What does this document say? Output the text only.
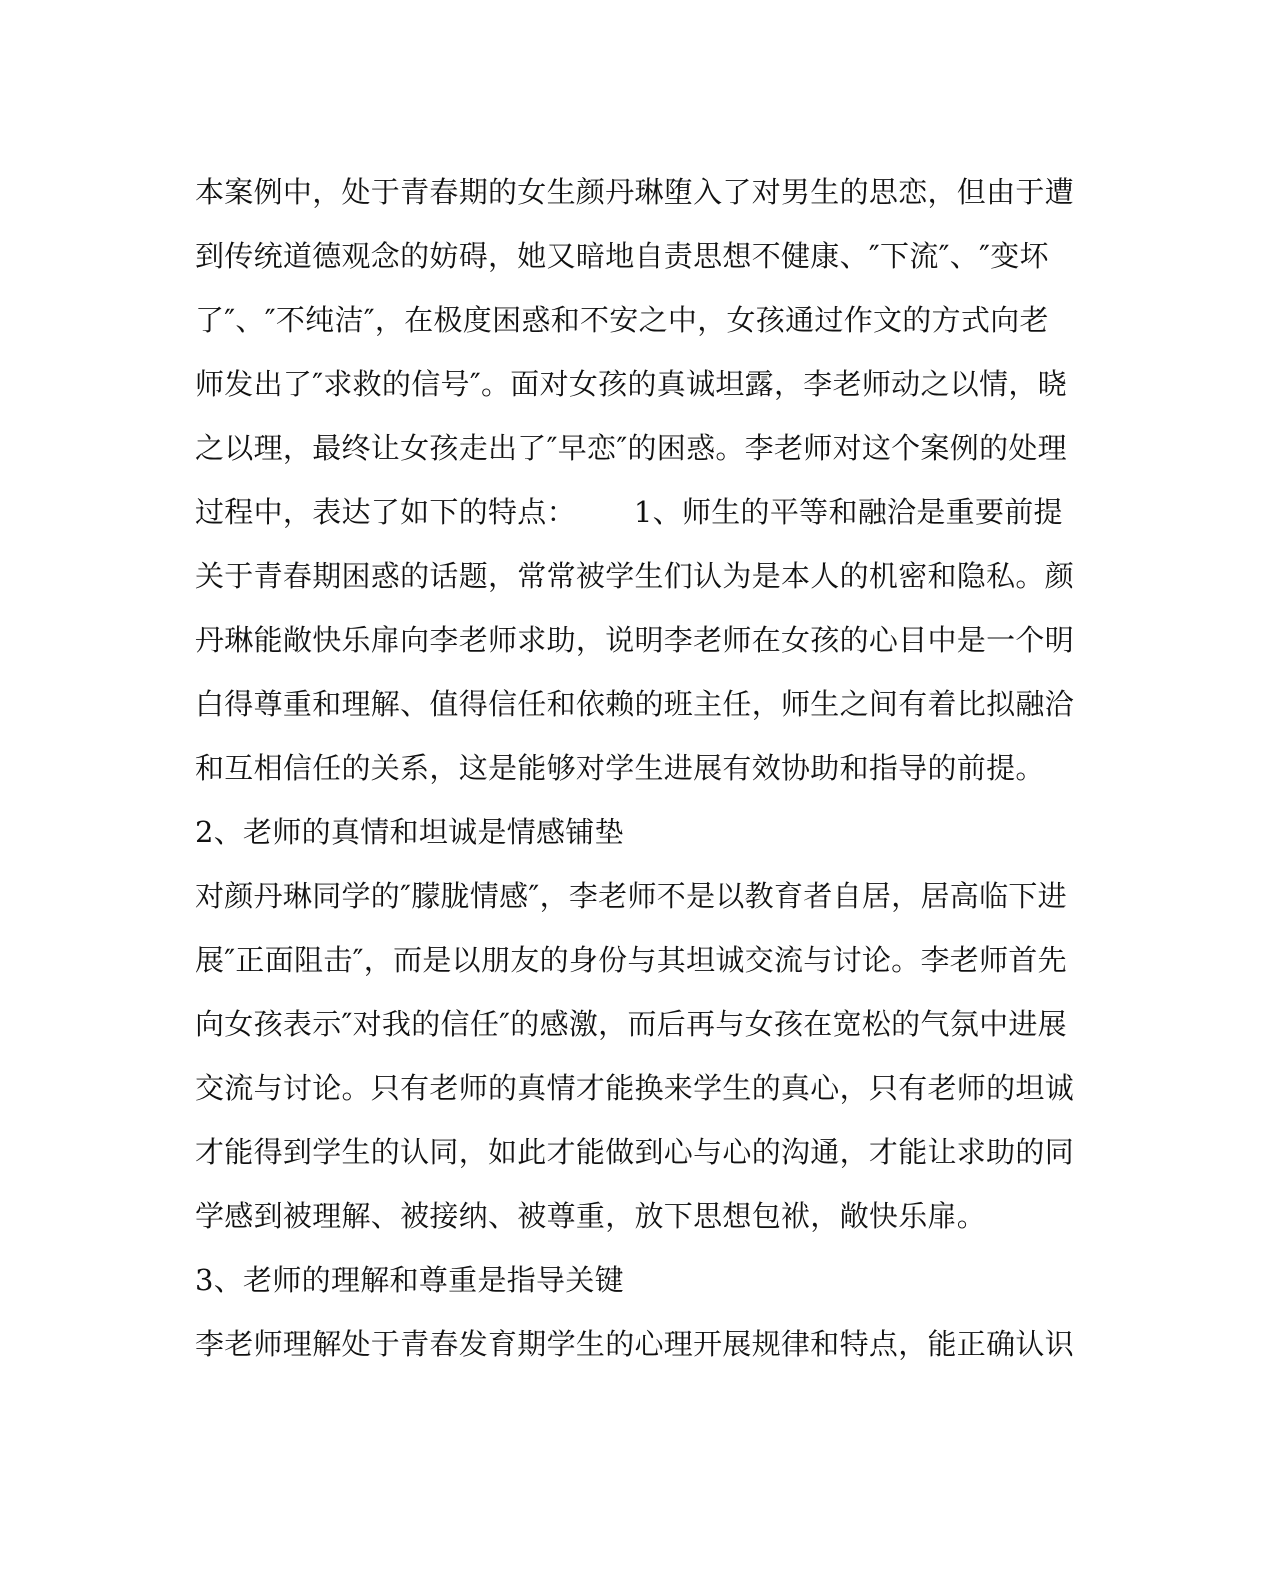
本案例中，处于青春期的女生颜丹琳堕入了对男生的思恋，但由于遭
到传统道德观念的妨碍，她又暗地自责思想不健康、″下流″、″变坏
了″、″不纯洁″，在极度困惑和不安之中，女孩通过作文的方式向老
师发出了″求救的信号″。面对女孩的真诚坦露，李老师动之以情，晓
之以理，最终让女孩走出了″早恋″的困惑。李老师对这个案例的处理
过程中，表达了如下的特点： 1、师生的平等和融洽是重要前提
关于青春期困惑的话题，常常被学生们认为是本人的机密和隐私。颜
丹琳能敞快乐扉向李老师求助，说明李老师在女孩的心目中是一个明
白得尊重和理解、值得信任和依赖的班主任，师生之间有着比拟融洽
和互相信任的关系，这是能够对学生进展有效协助和指导的前提。
2、老师的真情和坦诚是情感铺垫
对颜丹琳同学的″朦胧情感″，李老师不是以教育者自居，居高临下进
展″正面阻击″，而是以朋友的身份与其坦诚交流与讨论。李老师首先
向女孩表示″对我的信任″的感激，而后再与女孩在宽松的气氛中进展
交流与讨论。只有老师的真情才能换来学生的真心，只有老师的坦诚
才能得到学生的认同，如此才能做到心与心的沟通，才能让求助的同
学感到被理解、被接纳、被尊重，放下思想包袱，敞快乐扉。
3、老师的理解和尊重是指导关键
李老师理解处于青春发育期学生的心理开展规律和特点，能正确认识
